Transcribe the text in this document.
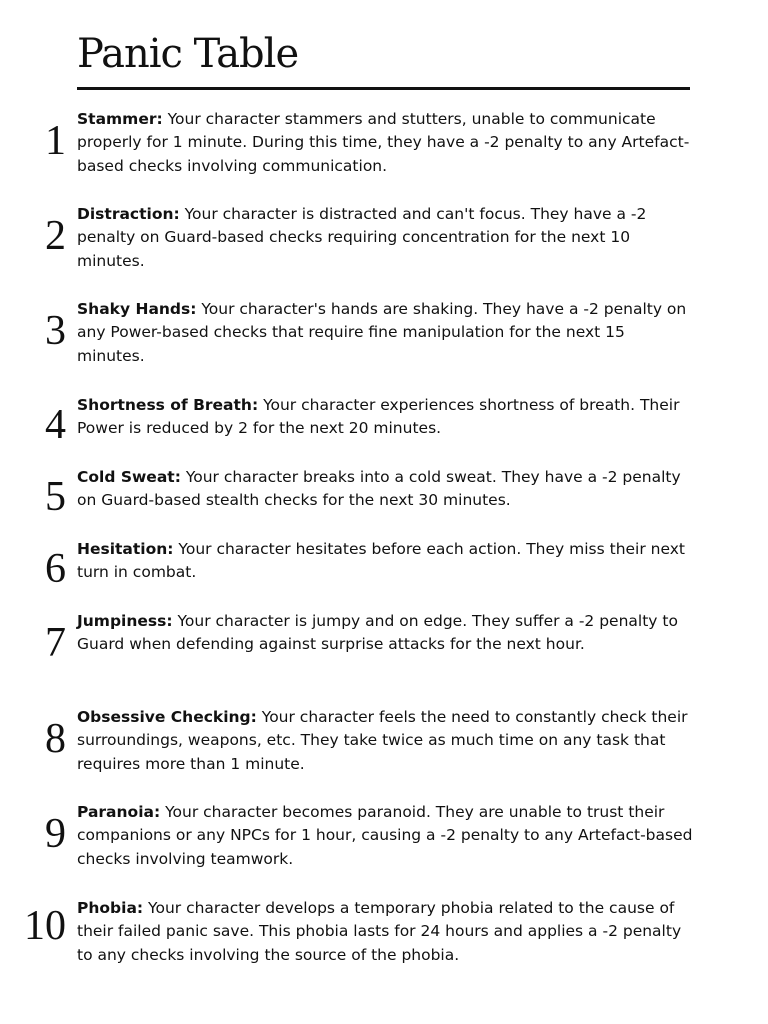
Panic Table
1 Stammer: Your character stammers and stutters, unable to communicate properly for 1 minute. During this time, they have a -2 penalty to any Artefact-based checks involving communication.
2 Distraction: Your character is distracted and can't focus. They have a -2 penalty on Guard-based checks requiring concentration for the next 10 minutes.
3 Shaky Hands: Your character's hands are shaking. They have a -2 penalty on any Power-based checks that require fine manipulation for the next 15 minutes.
4 Shortness of Breath: Your character experiences shortness of breath. Their Power is reduced by 2 for the next 20 minutes.
5 Cold Sweat: Your character breaks into a cold sweat. They have a -2 penalty on Guard-based stealth checks for the next 30 minutes.
6 Hesitation: Your character hesitates before each action. They miss their next turn in combat.
7 Jumpiness: Your character is jumpy and on edge. They suffer a -2 penalty to Guard when defending against surprise attacks for the next hour.
8 Obsessive Checking: Your character feels the need to constantly check their surroundings, weapons, etc. They take twice as much time on any task that requires more than 1 minute.
9 Paranoia: Your character becomes paranoid. They are unable to trust their companions or any NPCs for 1 hour, causing a -2 penalty to any Artefact-based checks involving teamwork.
10 Phobia: Your character develops a temporary phobia related to the cause of their failed panic save. This phobia lasts for 24 hours and applies a -2 penalty to any checks involving the source of the phobia.
